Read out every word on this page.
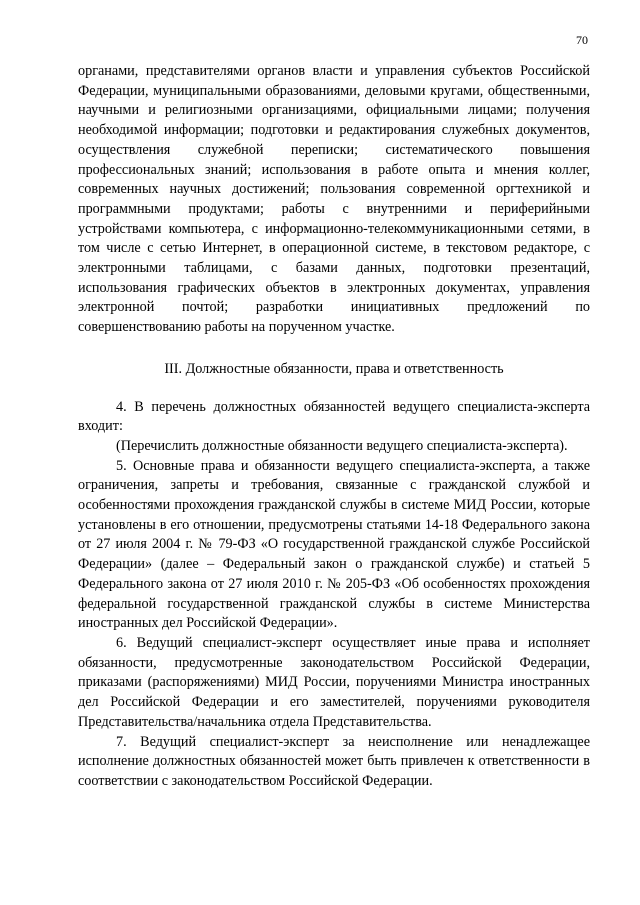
70

органами, представителями органов власти и управления субъектов Российской Федерации, муниципальными образованиями, деловыми кругами, общественными, научными и религиозными организациями, официальными лицами; получения необходимой информации; подготовки и редактирования служебных документов, осуществления служебной переписки; систематического повышения профессиональных знаний; использования в работе опыта и мнения коллег, современных научных достижений; пользования современной оргтехникой и программными продуктами; работы с внутренними и периферийными устройствами компьютера, с информационно-телекоммуникационными сетями, в том числе с сетью Интернет, в операционной системе, в текстовом редакторе, с электронными таблицами, с базами данных, подготовки презентаций, использования графических объектов в электронных документах, управления электронной почтой; разработки инициативных предложений по совершенствованию работы на порученном участке.

III. Должностные обязанности, права и ответственность

4. В перечень должностных обязанностей ведущего специалиста-эксперта входит:

(Перечислить должностные обязанности ведущего специалиста-эксперта).

5. Основные права и обязанности ведущего специалиста-эксперта, а также ограничения, запреты и требования, связанные с гражданской службой и особенностями прохождения гражданской службы в системе МИД России, которые установлены в его отношении, предусмотрены статьями 14-18 Федерального закона от 27 июля 2004 г. № 79-ФЗ «О государственной гражданской службе Российской Федерации» (далее – Федеральный закон о гражданской службе) и статьей 5 Федерального закона от 27 июля 2010 г. № 205-ФЗ «Об особенностях прохождения федеральной государственной гражданской службы в системе Министерства иностранных дел Российской Федерации».

6. Ведущий специалист-эксперт осуществляет иные права и исполняет обязанности, предусмотренные законодательством Российской Федерации, приказами (распоряжениями) МИД России, поручениями Министра иностранных дел Российской Федерации и его заместителей, поручениями руководителя Представительства/начальника отдела Представительства.

7. Ведущий специалист-эксперт за неисполнение или ненадлежащее исполнение должностных обязанностей может быть привлечен к ответственности в соответствии с законодательством Российской Федерации.
